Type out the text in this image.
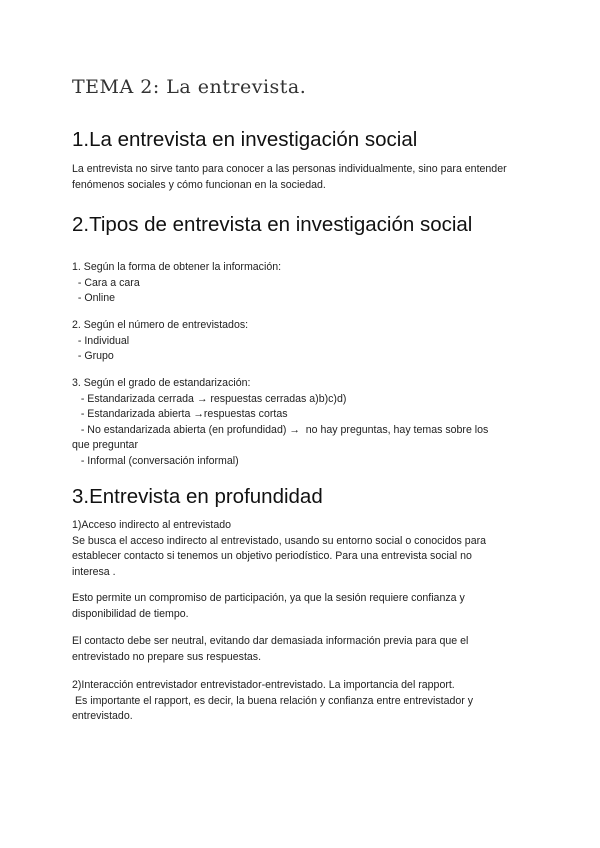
TEMA 2: La entrevista.
1.La entrevista en investigación social
La entrevista no sirve tanto para conocer a las personas individualmente, sino para entender
fenómenos sociales y cómo funcionan en la sociedad.
2.Tipos de entrevista en investigación social
1. Según la forma de obtener la información:
- Cara a cara
- Online
2. Según el número de entrevistados:
- Individual
- Grupo
3. Según el grado de estandarización:
- Estandarizada cerrada → respuestas cerradas a)b)c)d)
- Estandarizada abierta →respuestas cortas
- No estandarizada abierta (en profundidad) →  no hay preguntas, hay temas sobre los
que preguntar
- Informal (conversación informal)
3.Entrevista en profundidad
1)Acceso indirecto al entrevistado
Se busca el acceso indirecto al entrevistado, usando su entorno social o conocidos para
establecer contacto si tenemos un objetivo periodístico. Para una entrevista social no
interesa .
Esto permite un compromiso de participación, ya que la sesión requiere confianza y
disponibilidad de tiempo.
El contacto debe ser neutral, evitando dar demasiada información previa para que el
entrevistado no prepare sus respuestas.
2)Interacción entrevistador entrevistador-entrevistado. La importancia del rapport.
Es importante el rapport, es decir, la buena relación y confianza entre entrevistador y
entrevistado.
